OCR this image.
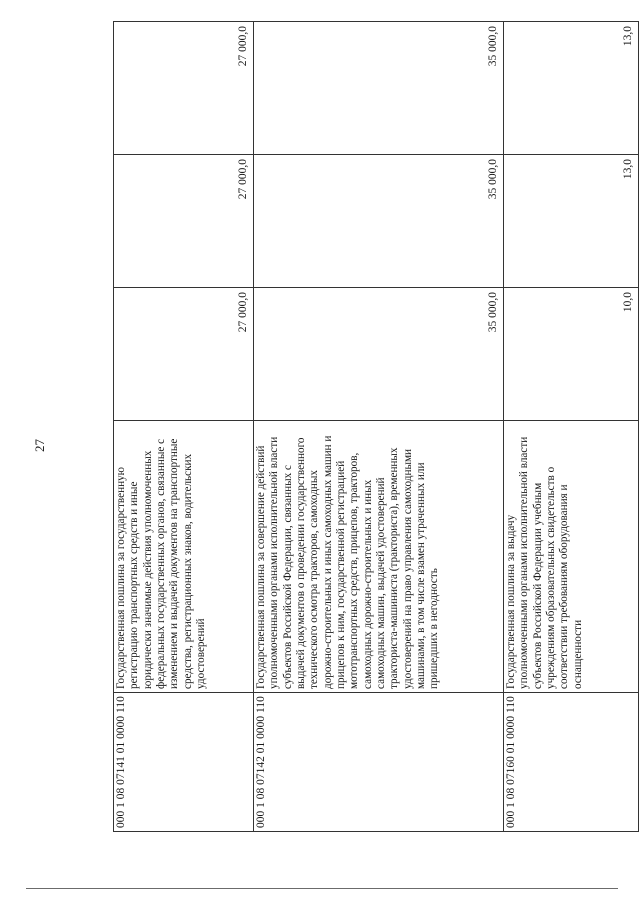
27
000 1 08 07141 01 0000 110	Государственная пошлина за государственную регистрацию транспортных средств и иные юридически значимые действия уполномоченных федеральных государственных органов, связанные с изменением и выдачей документов на транспортные средства, регистрационных знаков, водительских удостоверений	27 000,0	27 000,0	27 000,0
000 1 08 07142 01 0000 110	Государственная пошлина за совершение действий уполномоченными органами исполнительной власти субъектов Российской Федерации, связанных с выдачей документов о проведении государственного технического осмотра тракторов, самоходных дорожно-строительных и иных самоходных машин и прицепов к ним, государственной регистрацией мототранспортных средств, прицепов, тракторов, самоходных дорожно-строительных и иных самоходных машин, выдачей удостоверений тракториста-машиниста (тракториста), временных удостоверений на право управления самоходными машинами, в том числе взамен утраченных или пришедших в негодность	35 000,0	35 000,0	35 000,0
000 1 08 07160 01 0000 110	Государственная пошлина за выдачу уполномоченными органами исполнительной власти субъектов Российской Федерации учебным учреждениям образовательных свидетельств о соответствии требованиям оборудования и оснащенности	10,0	13,0	13,0
